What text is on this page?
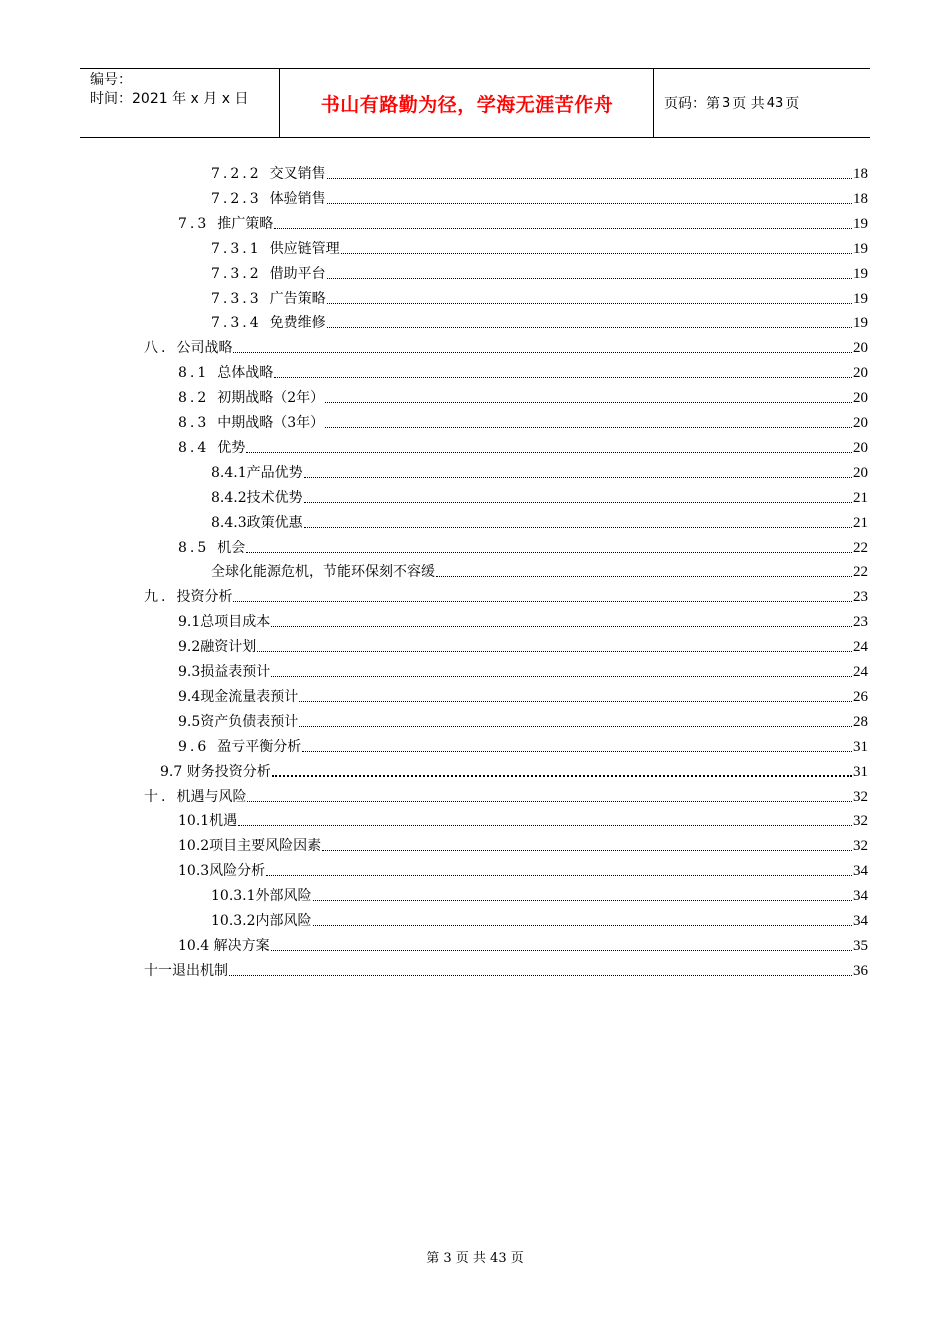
编号：
时间：2021 年 x 月 x 日	书山有路勤为径，学海无涯苦作舟	页码：第 3 页 共 43 页
7.2.2 交叉销售	18
7.2.3 体验销售	18
7.3 推广策略	19
7.3.1 供应链管理	19
7.3.2 借助平台	19
7.3.3 广告策略	19
7.3.4 免费维修	19
八. 公司战略	20
8.1 总体战略	20
8.2 初期战略（2年）	20
8.3 中期战略（3年）	20
8.4 优势	20
8.4.1产品优势	20
8.4.2技术优势	21
8.4.3政策优惠	21
8.5 机会	22
全球化能源危机，节能环保刻不容缓	22
九. 投资分析	23
9.1总项目成本	23
9.2融资计划	24
9.3损益表预计	24
9.4现金流量表预计	26
9.5资产负债表预计	28
9.6 盈亏平衡分析	31
9.7 财务投资分析	31
十. 机遇与风险	32
10.1机遇	32
10.2项目主要风险因素	32
10.3风险分析	34
10.3.1外部风险	34
10.3.2内部风险	34
10.4 解决方案	35
十一退出机制	36
第 3 页 共 43 页
